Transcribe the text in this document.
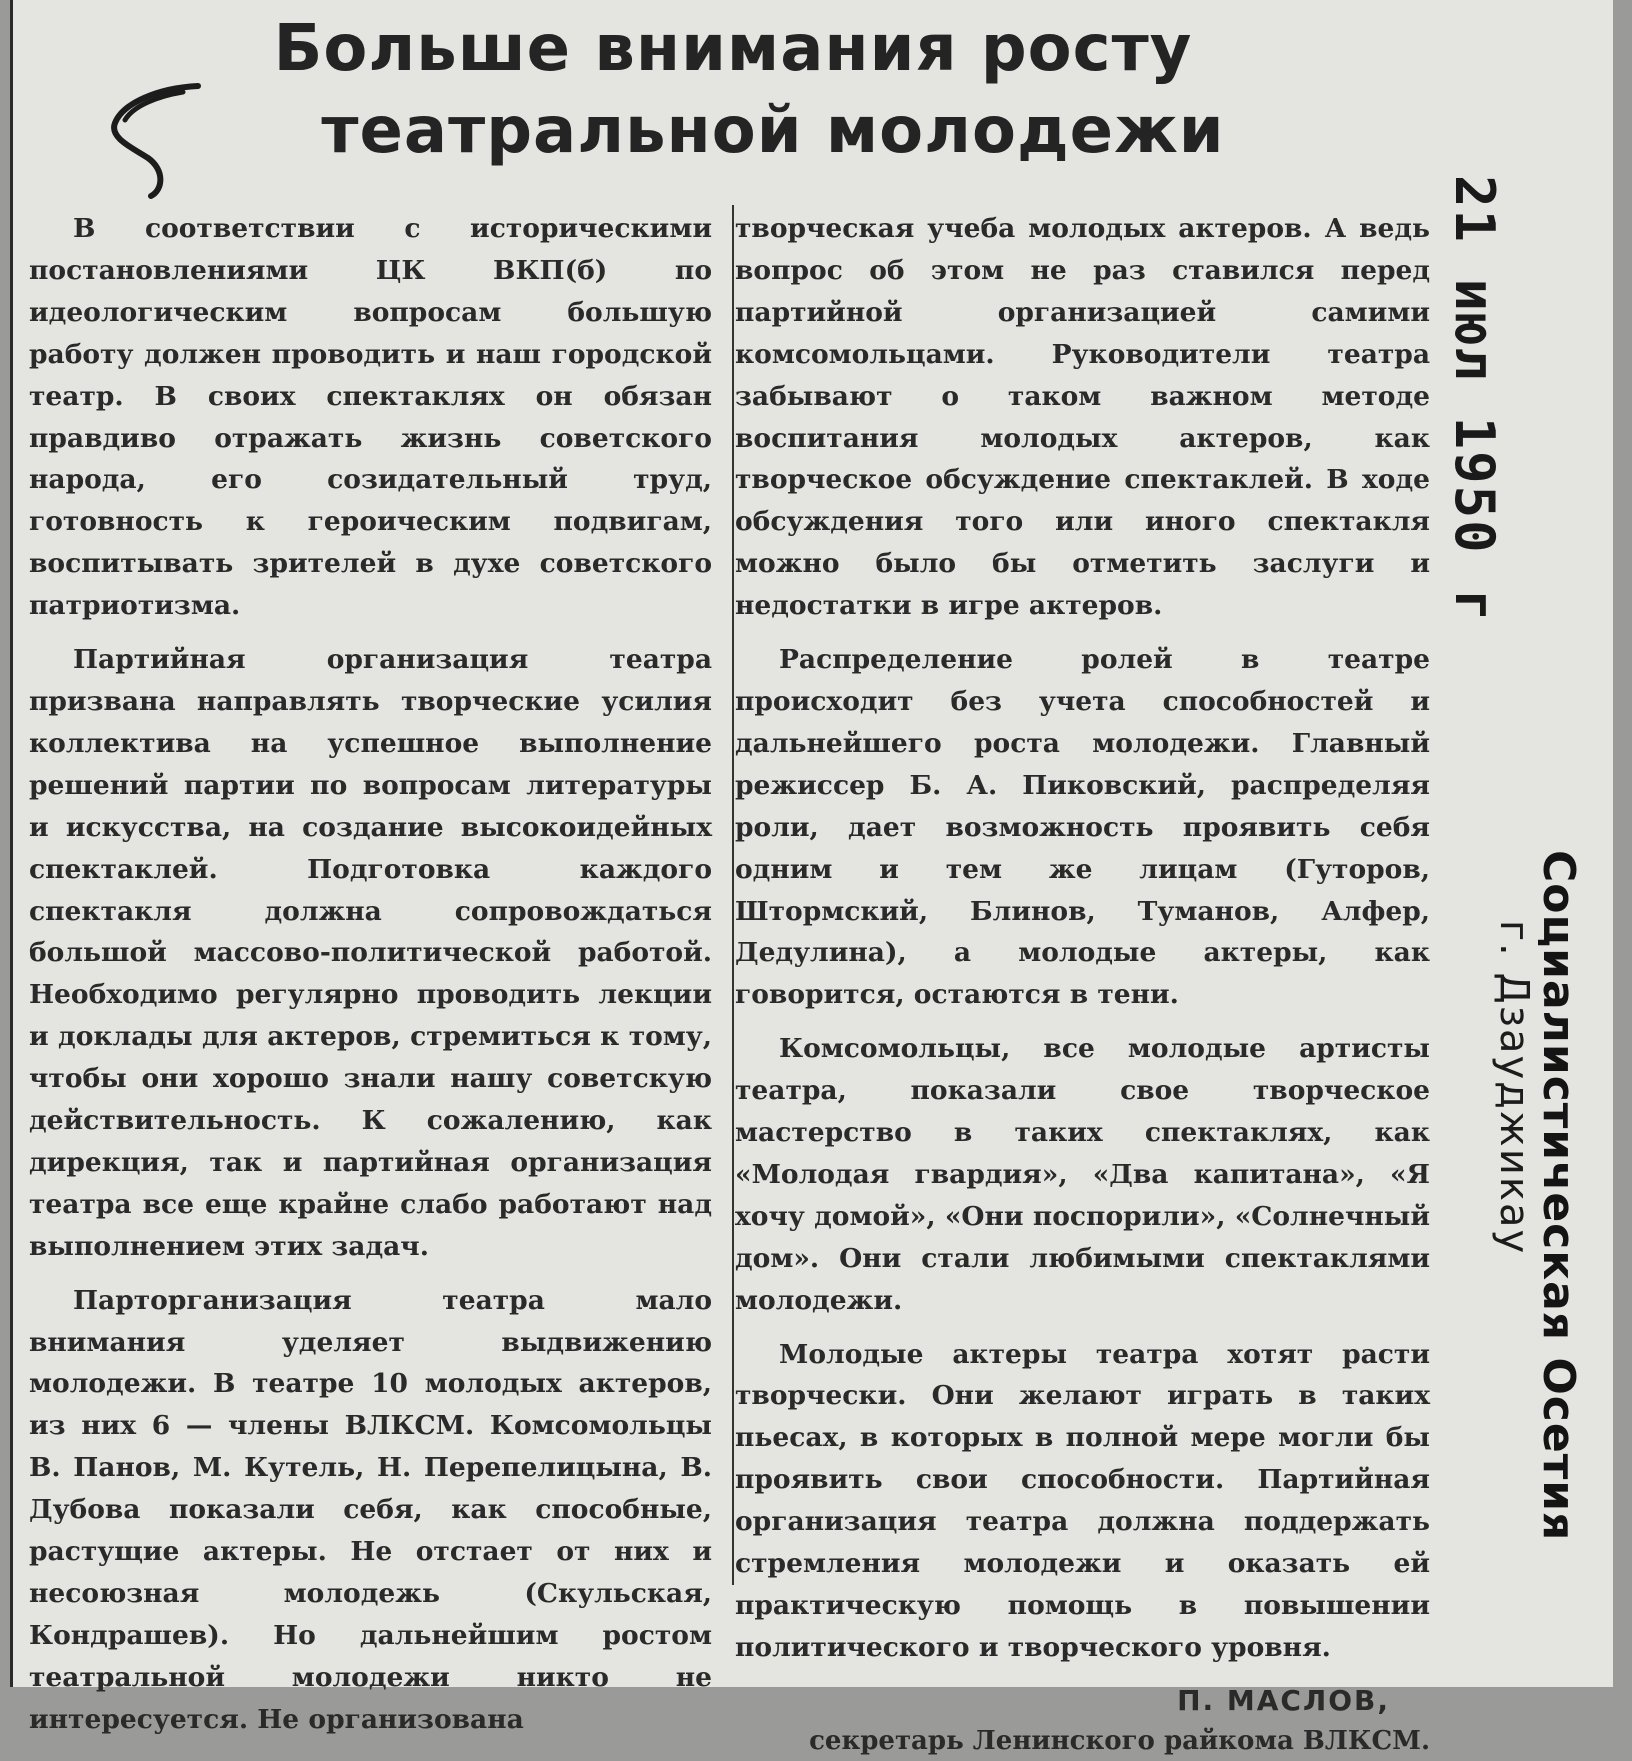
Больше внимания росту
театральной молодежи

В соответствии с историческими постановлениями ЦК ВКП(б) по идеологическим вопросам большую работу должен проводить и наш городской театр. В своих спектаклях он обязан правдиво отражать жизнь советского народа, его созидательный труд, готовность к героическим подвигам, воспитывать зрителей в духе советского патриотизма.

Партийная организация театра призвана направлять творческие усилия коллектива на успешное выполнение решений партии по вопросам литературы и искусства, на создание высокоидейных спектаклей. Подготовка каждого спектакля должна сопровождаться большой массово-политической работой. Необходимо регулярно проводить лекции и доклады для актеров, стремиться к тому, чтобы они хорошо знали нашу советскую действительность. К сожалению, как дирекция, так и партийная организация театра все еще крайне слабо работают над выполнением этих задач.

Парторганизация театра мало внимания уделяет выдвижению молодежи. В театре 10 молодых актеров, из них 6 — члены ВЛКСМ. Комсомольцы В. Панов, М. Кутель, Н. Перепелицына, В. Дубова показали себя, как способные, растущие актеры. Не отстает от них и несоюзная молодежь (Скульская, Кондрашев). Но дальнейшим ростом театральной молодежи никто не интересуется. Не организована

творческая учеба молодых актеров. А ведь вопрос об этом не раз ставился перед партийной организацией самими комсомольцами. Руководители театра забывают о таком важном методе воспитания молодых актеров, как творческое обсуждение спектаклей. В ходе обсуждения того или иного спектакля можно было бы отметить заслуги и недостатки в игре актеров.

Распределение ролей в театре происходит без учета способностей и дальнейшего роста молодежи. Главный режиссер Б. А. Пиковский, распределяя роли, дает возможность проявить себя одним и тем же лицам (Гуторов, Штормский, Блинов, Туманов, Алфер, Дедулина), а молодые актеры, как говорится, остаются в тени.

Комсомольцы, все молодые артисты театра, показали свое творческое мастерство в таких спектаклях, как «Молодая гвардия», «Два капитана», «Я хочу домой», «Они поспорили», «Солнечный дом». Они стали любимыми спектаклями молодежи.

Молодые актеры театра хотят расти творчески. Они желают играть в таких пьесах, в которых в полной мере могли бы проявить свои способности. Партийная организация театра должна поддержать стремления молодежи и оказать ей практическую помощь в повышении политического и творческого уровня.

П. МАСЛОВ,
секретарь Ленинского райкома ВЛКСМ.
21 июл 1950 г
Социалистическая Осетия
г. Дзауджикау
